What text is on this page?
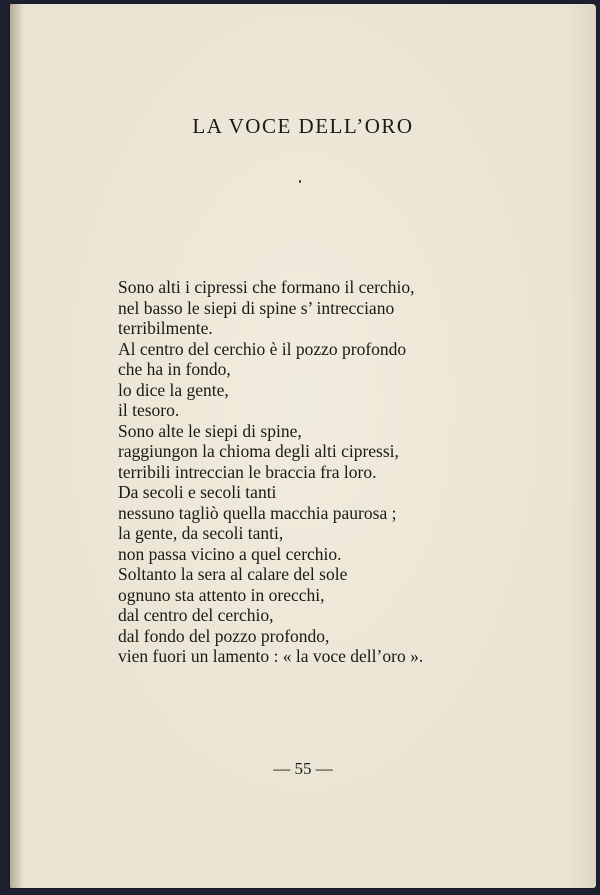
LA VOCE DELL’ORO
Sono alti i cipressi che formano il cerchio,
nel basso le siepi di spine s’ intrecciano
terribilmente.
Al centro del cerchio è il pozzo profondo
che ha in fondo,
lo dice la gente,
il tesoro.
Sono alte le siepi di spine,
raggiungon la chioma degli alti cipressi,
terribili intreccian le braccia fra loro.
Da secoli e secoli tanti
nessuno tagliò quella macchia paurosa ;
la gente, da secoli tanti,
non passa vicino a quel cerchio.
Soltanto la sera al calare del sole
ognuno sta attento in orecchi,
dal centro del cerchio,
dal fondo del pozzo profondo,
vien fuori un lamento : « la voce dell’oro ».
— 55 —
